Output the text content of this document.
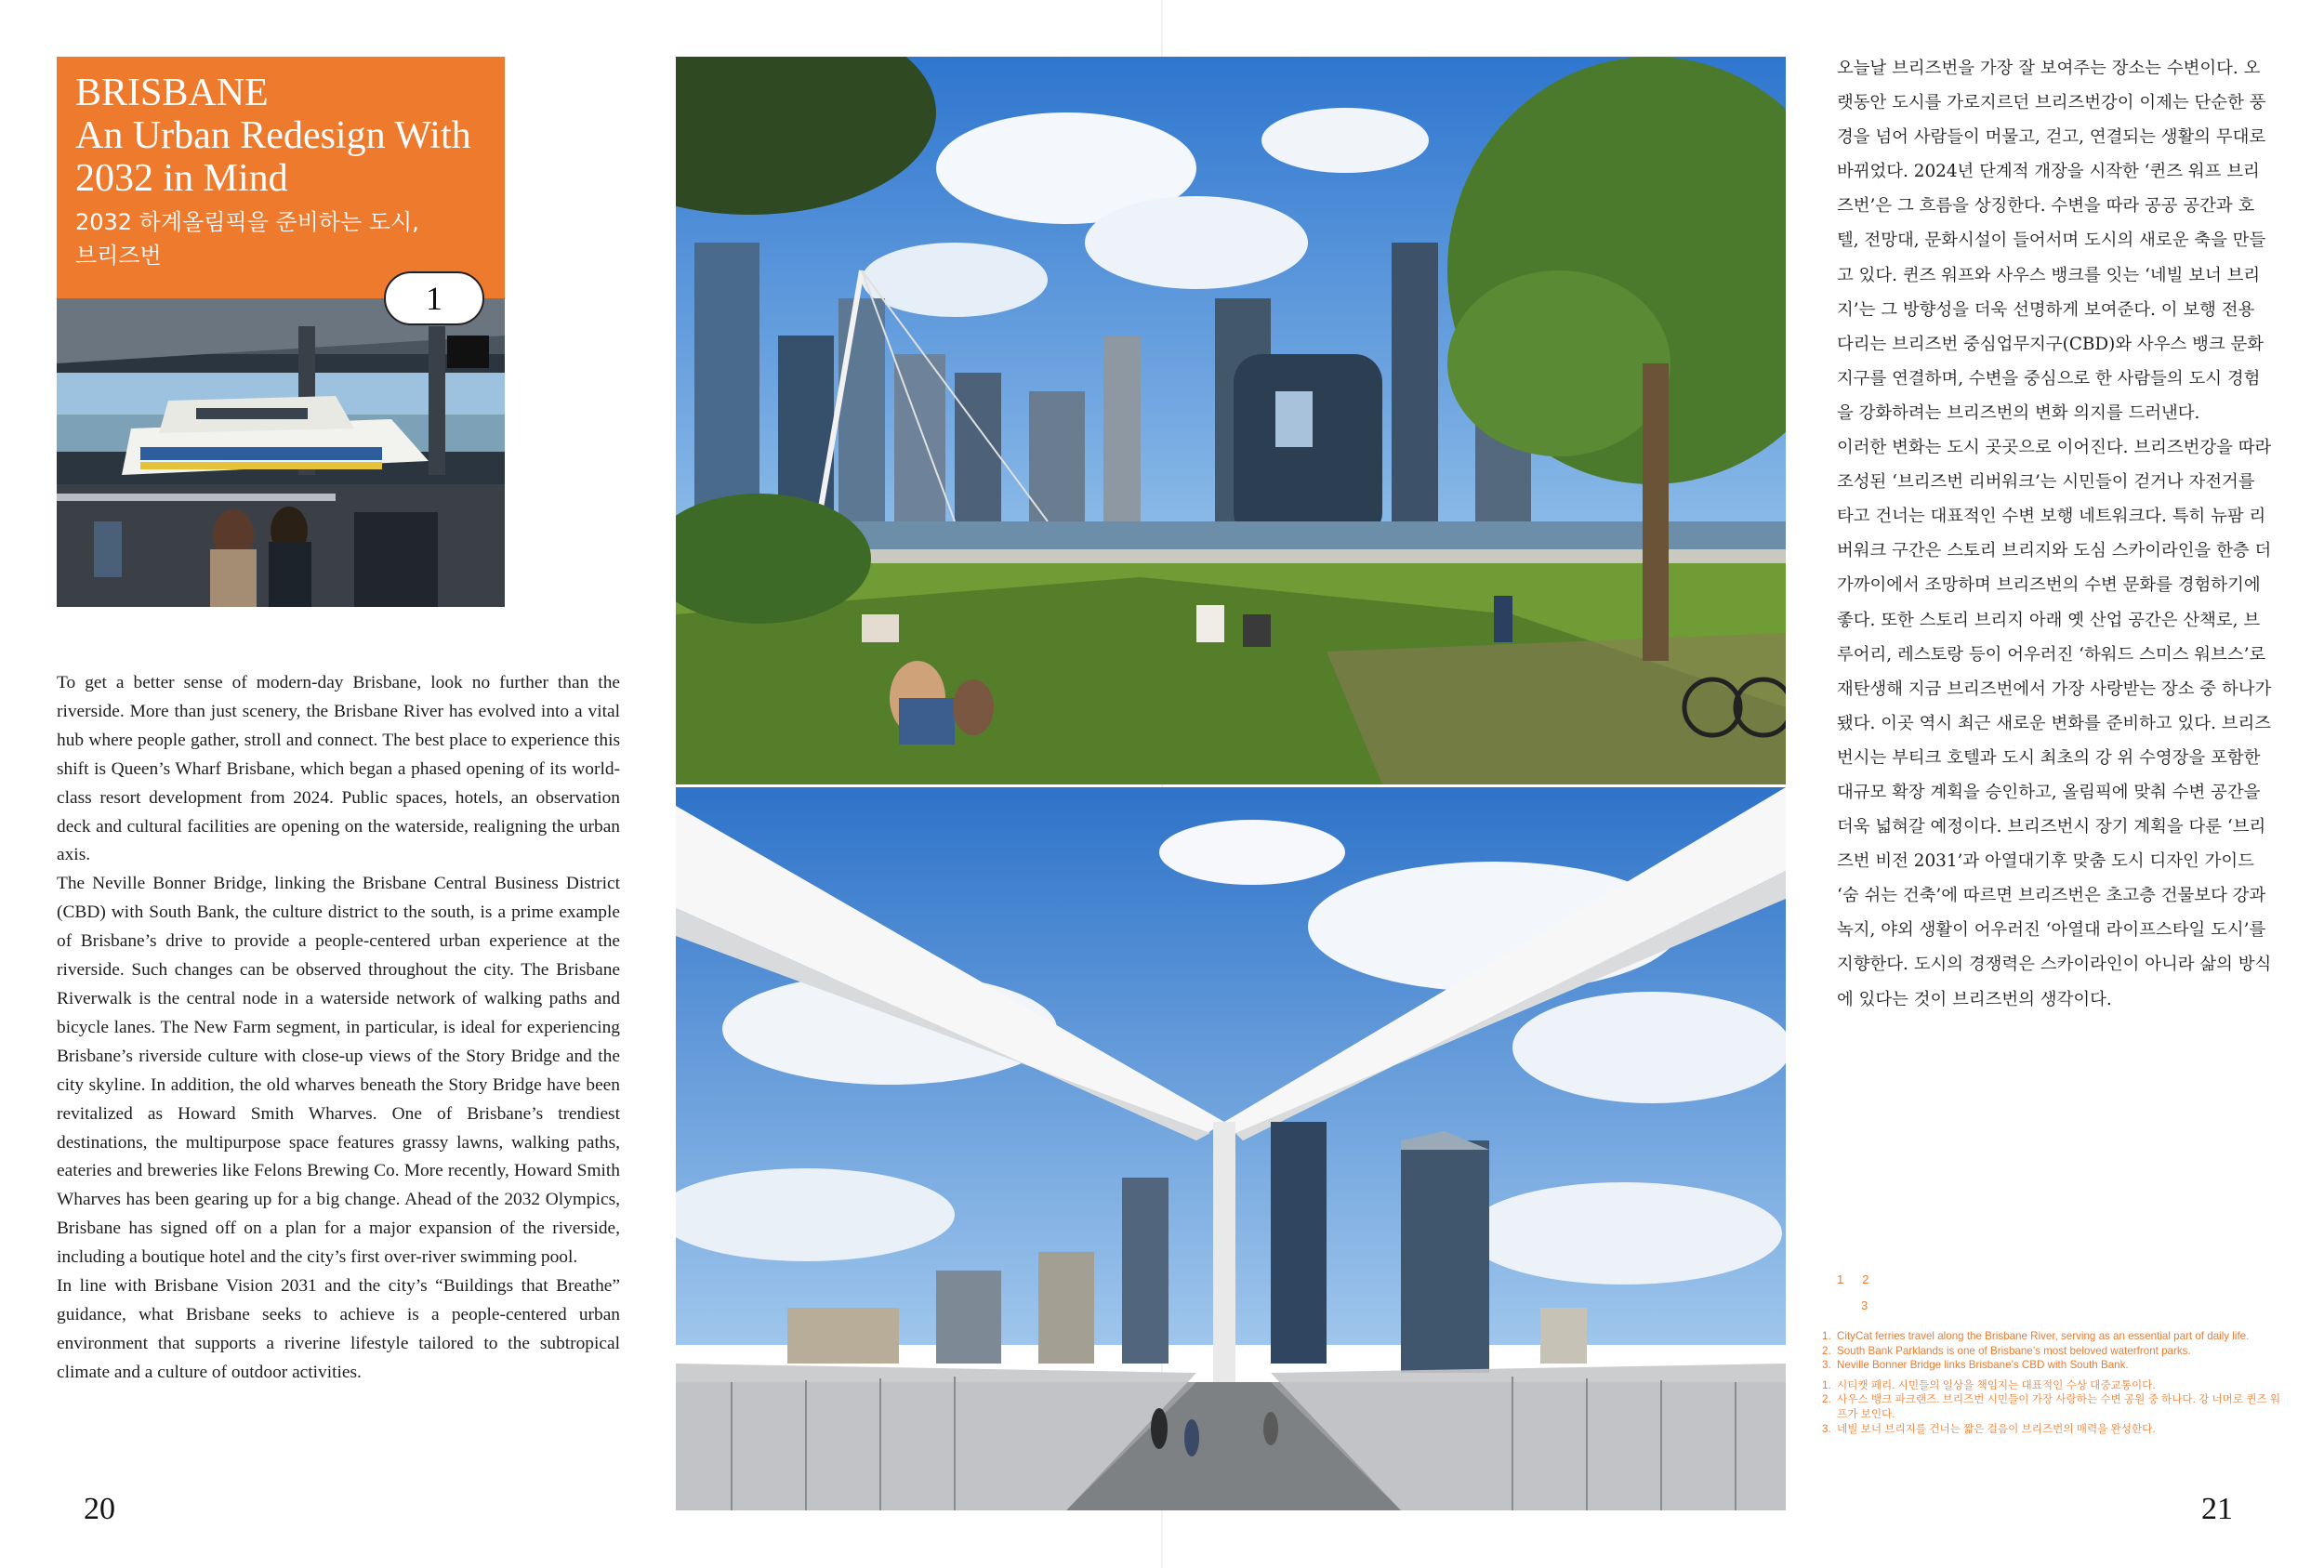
BRISBANE
An Urban Redesign With
2032 in Mind
2032 하계올림픽을 준비하는 도시,
브리즈번
1

To get a better sense of modern-day Brisbane, look no further than the riverside. More than just scenery, the Brisbane River has evolved into a vital hub where people gather, stroll and connect. The best place to experience this shift is Queen’s Wharf Brisbane, which began a phased opening of its world-class resort development from 2024. Public spaces, hotels, an observation deck and cultural facilities are opening on the waterside, realigning the urban axis.

The Neville Bonner Bridge, linking the Brisbane Central Business District (CBD) with South Bank, the culture district to the south, is a prime example of Brisbane’s drive to provide a people-centered urban experience at the riverside. Such changes can be observed throughout the city. The Brisbane Riverwalk is the central node in a waterside network of walking paths and bicycle lanes. The New Farm segment, in particular, is ideal for experiencing Brisbane’s riverside culture with close-up views of the Story Bridge and the city skyline. In addition, the old wharves beneath the Story Bridge have been revitalized as Howard Smith Wharves. One of Brisbane’s trendiest destinations, the multipurpose space features grassy lawns, walking paths, eateries and breweries like Felons Brewing Co. More recently, Howard Smith Wharves has been gearing up for a big change. Ahead of the 2032 Olympics, Brisbane has signed off on a plan for a major expansion of the riverside, including a boutique hotel and the city’s first over-river swimming pool.

In line with Brisbane Vision 2031 and the city’s “Buildings that Breathe” guidance, what Brisbane seeks to achieve is a people-centered urban environment that supports a riverine lifestyle tailored to the subtropical climate and a culture of outdoor activities.

오늘날 브리즈번을 가장 잘 보여주는 장소는 수변이다. 오랫동안 도시를 가로지르던 브리즈번강이 이제는 단순한 풍경을 넘어 사람들이 머물고, 걷고, 연결되는 생활의 무대로 바뀌었다. 2024년 단계적 개장을 시작한 ‘퀸즈 워프 브리즈번’은 그 흐름을 상징한다. 수변을 따라 공공 공간과 호텔, 전망대, 문화시설이 들어서며 도시의 새로운 축을 만들고 있다. 퀸즈 워프와 사우스 뱅크를 잇는 ‘네빌 보너 브리지’는 그 방향성을 더욱 선명하게 보여준다. 이 보행 전용 다리는 브리즈번 중심업무지구(CBD)와 사우스 뱅크 문화지구를 연결하며, 수변을 중심으로 한 사람들의 도시 경험을 강화하려는 브리즈번의 변화 의지를 드러낸다.

이러한 변화는 도시 곳곳으로 이어진다. 브리즈번강을 따라 조성된 ‘브리즈번 리버워크’는 시민들이 걷거나 자전거를 타고 건너는 대표적인 수변 보행 네트워크다. 특히 뉴팜 리버워크 구간은 스토리 브리지와 도심 스카이라인을 한층 더 가까이에서 조망하며 브리즈번의 수변 문화를 경험하기에 좋다. 또한 스토리 브리지 아래 옛 산업 공간은 산책로, 브루어리, 레스토랑 등이 어우러진 ‘하워드 스미스 워브스’로 재탄생해 지금 브리즈번에서 가장 사랑받는 장소 중 하나가 됐다. 이곳 역시 최근 새로운 변화를 준비하고 있다. 브리즈번시는 부티크 호텔과 도시 최초의 강 위 수영장을 포함한 대규모 확장 계획을 승인하고, 올림픽에 맞춰 수변 공간을 더욱 넓혀갈 예정이다. 브리즈번시 장기 계획을 다룬 ‘브리즈번 비전 2031’과 아열대기후 맞춤 도시 디자인 가이드 ‘숨 쉬는 건축’에 따르면 브리즈번은 초고층 건물보다 강과 녹지, 야외 생활이 어우러진 ‘아열대 라이프스타일 도시’를 지향한다. 도시의 경쟁력은 스카이라인이 아니라 삶의 방식에 있다는 것이 브리즈번의 생각이다.

1 2
3
1. CityCat ferries travel along the Brisbane River, serving as an essential part of daily life.
2. South Bank Parklands is one of Brisbane’s most beloved waterfront parks.
3. Neville Bonner Bridge links Brisbane’s CBD with South Bank.
1. 시티캣 페리. 시민들의 일상을 책임지는 대표적인 수상 대중교통이다.
2. 사우스 뱅크 파크랜즈. 브리즈번 시민들이 가장 사랑하는 수변 공원 중 하나다. 강 너머로 퀸즈 워프가 보인다.
3. 네빌 보너 브리지를 건너는 짧은 걸음이 브리즈번의 매력을 완성한다.
20	21
